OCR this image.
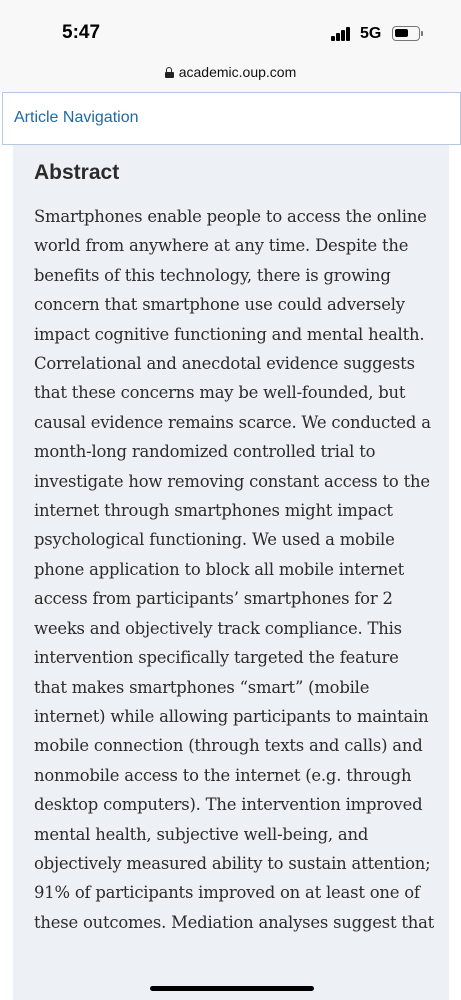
5:47	5G
academic.oup.com
Article Navigation
Abstract
Smartphones enable people to access the online world from anywhere at any time. Despite the benefits of this technology, there is growing concern that smartphone use could adversely impact cognitive functioning and mental health. Correlational and anecdotal evidence suggests that these concerns may be well-founded, but causal evidence remains scarce. We conducted a month-long randomized controlled trial to investigate how removing constant access to the internet through smartphones might impact psychological functioning. We used a mobile phone application to block all mobile internet access from participants’ smartphones for 2 weeks and objectively track compliance. This intervention specifically targeted the feature that makes smartphones “smart” (mobile internet) while allowing participants to maintain mobile connection (through texts and calls) and nonmobile access to the internet (e.g. through desktop computers). The intervention improved mental health, subjective well-being, and objectively measured ability to sustain attention; 91% of participants improved on at least one of these outcomes. Mediation analyses suggest that
